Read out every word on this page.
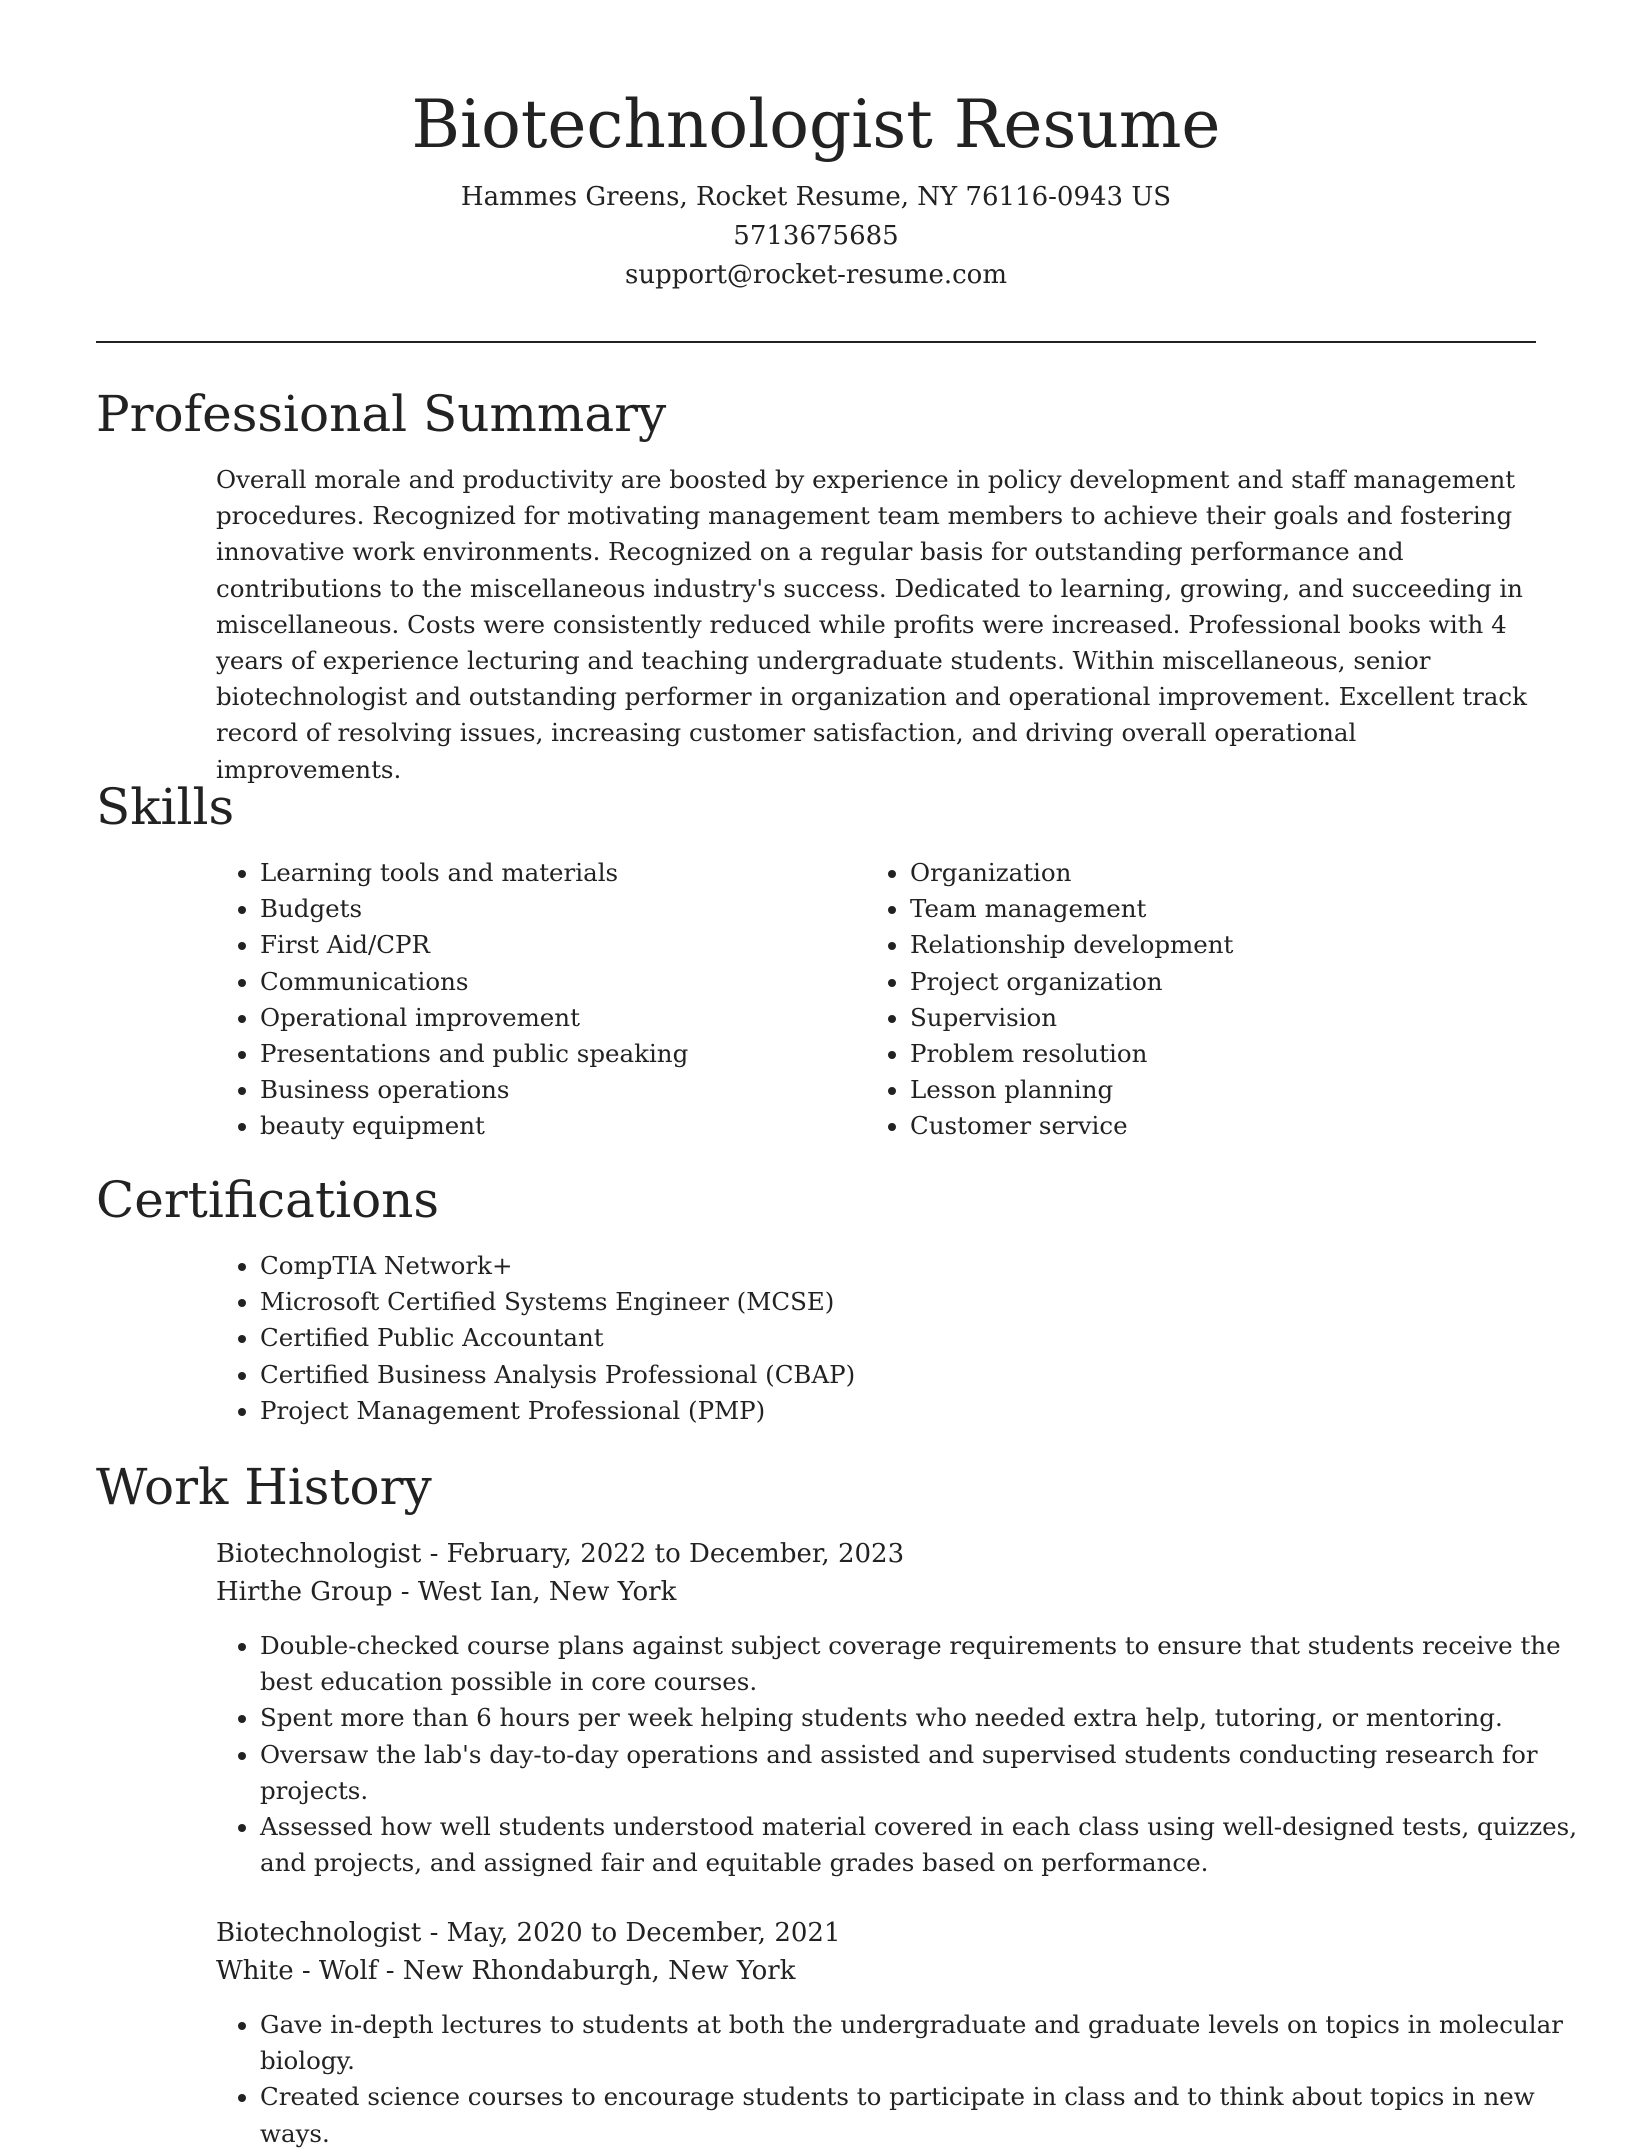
Biotechnologist Resume
Hammes Greens, Rocket Resume, NY 76116-0943 US
5713675685
support@rocket-resume.com
Professional Summary

Overall morale and productivity are boosted by experience in policy development and staff management procedures. Recognized for motivating management team members to achieve their goals and fostering innovative work environments. Recognized on a regular basis for outstanding performance and contributions to the miscellaneous industry's success. Dedicated to learning, growing, and succeeding in miscellaneous. Costs were consistently reduced while profits were increased. Professional books with 4 years of experience lecturing and teaching undergraduate students. Within miscellaneous, senior biotechnologist and outstanding performer in organization and operational improvement. Excellent track record of resolving issues, increasing customer satisfaction, and driving overall operational improvements.

Skills
• Learning tools and materials
• Budgets
• First Aid/CPR
• Communications
• Operational improvement
• Presentations and public speaking
• Business operations
• beauty equipment
• Organization
• Team management
• Relationship development
• Project organization
• Supervision
• Problem resolution
• Lesson planning
• Customer service
Certifications
• CompTIA Network+
• Microsoft Certified Systems Engineer (MCSE)
• Certified Public Accountant
• Certified Business Analysis Professional (CBAP)
• Project Management Professional (PMP)
Work History
Biotechnologist - February, 2022 to December, 2023
Hirthe Group - West Ian, New York
• Double-checked course plans against subject coverage requirements to ensure that students receive the best education possible in core courses.
• Spent more than 6 hours per week helping students who needed extra help, tutoring, or mentoring.
• Oversaw the lab's day-to-day operations and assisted and supervised students conducting research for projects.
• Assessed how well students understood material covered in each class using well-designed tests, quizzes, and projects, and assigned fair and equitable grades based on performance.
Biotechnologist - May, 2020 to December, 2021
White - Wolf - New Rhondaburgh, New York
• Gave in-depth lectures to students at both the undergraduate and graduate levels on topics in molecular biology.
• Created science courses to encourage students to participate in class and to think about topics in new ways.
